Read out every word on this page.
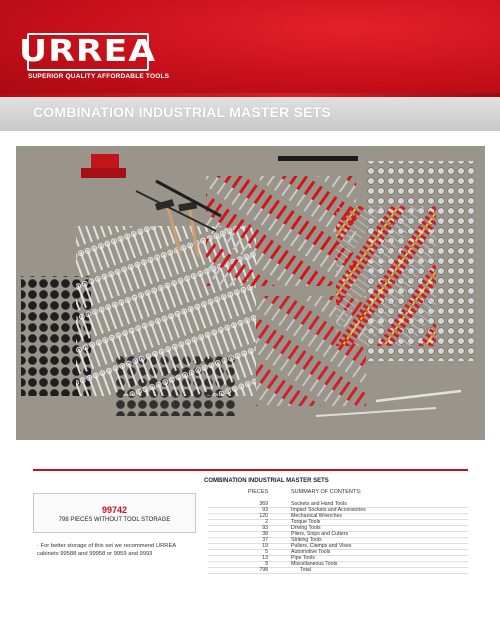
URREA
SUPERIOR QUALITY AFFORDABLE TOOLS
COMBINATION INDUSTRIAL MASTER SETS
COMBINATION INDUSTRIAL MASTER SETS
PIECES	SUMMARY OF CONTENTS:
99742
798 PIECES WITHOUT TOOL STORAGE
· For better storage of this set we recommend URREA cabinets 99588 and 99958 or 9959 and 9993
369	Sockets and Hand Tools
93	Impact Sockets and Accessories
120	Mechanical Wrenches
2	Torque Tools
93	Driving Tools
38	Pliers, Snips and Cutters
37	Striking Tools
19	Pullers, Clamps and Vises
5	Automotive Tools
13	Pipe Tools
9	Miscellaneous Tools
798	Total
